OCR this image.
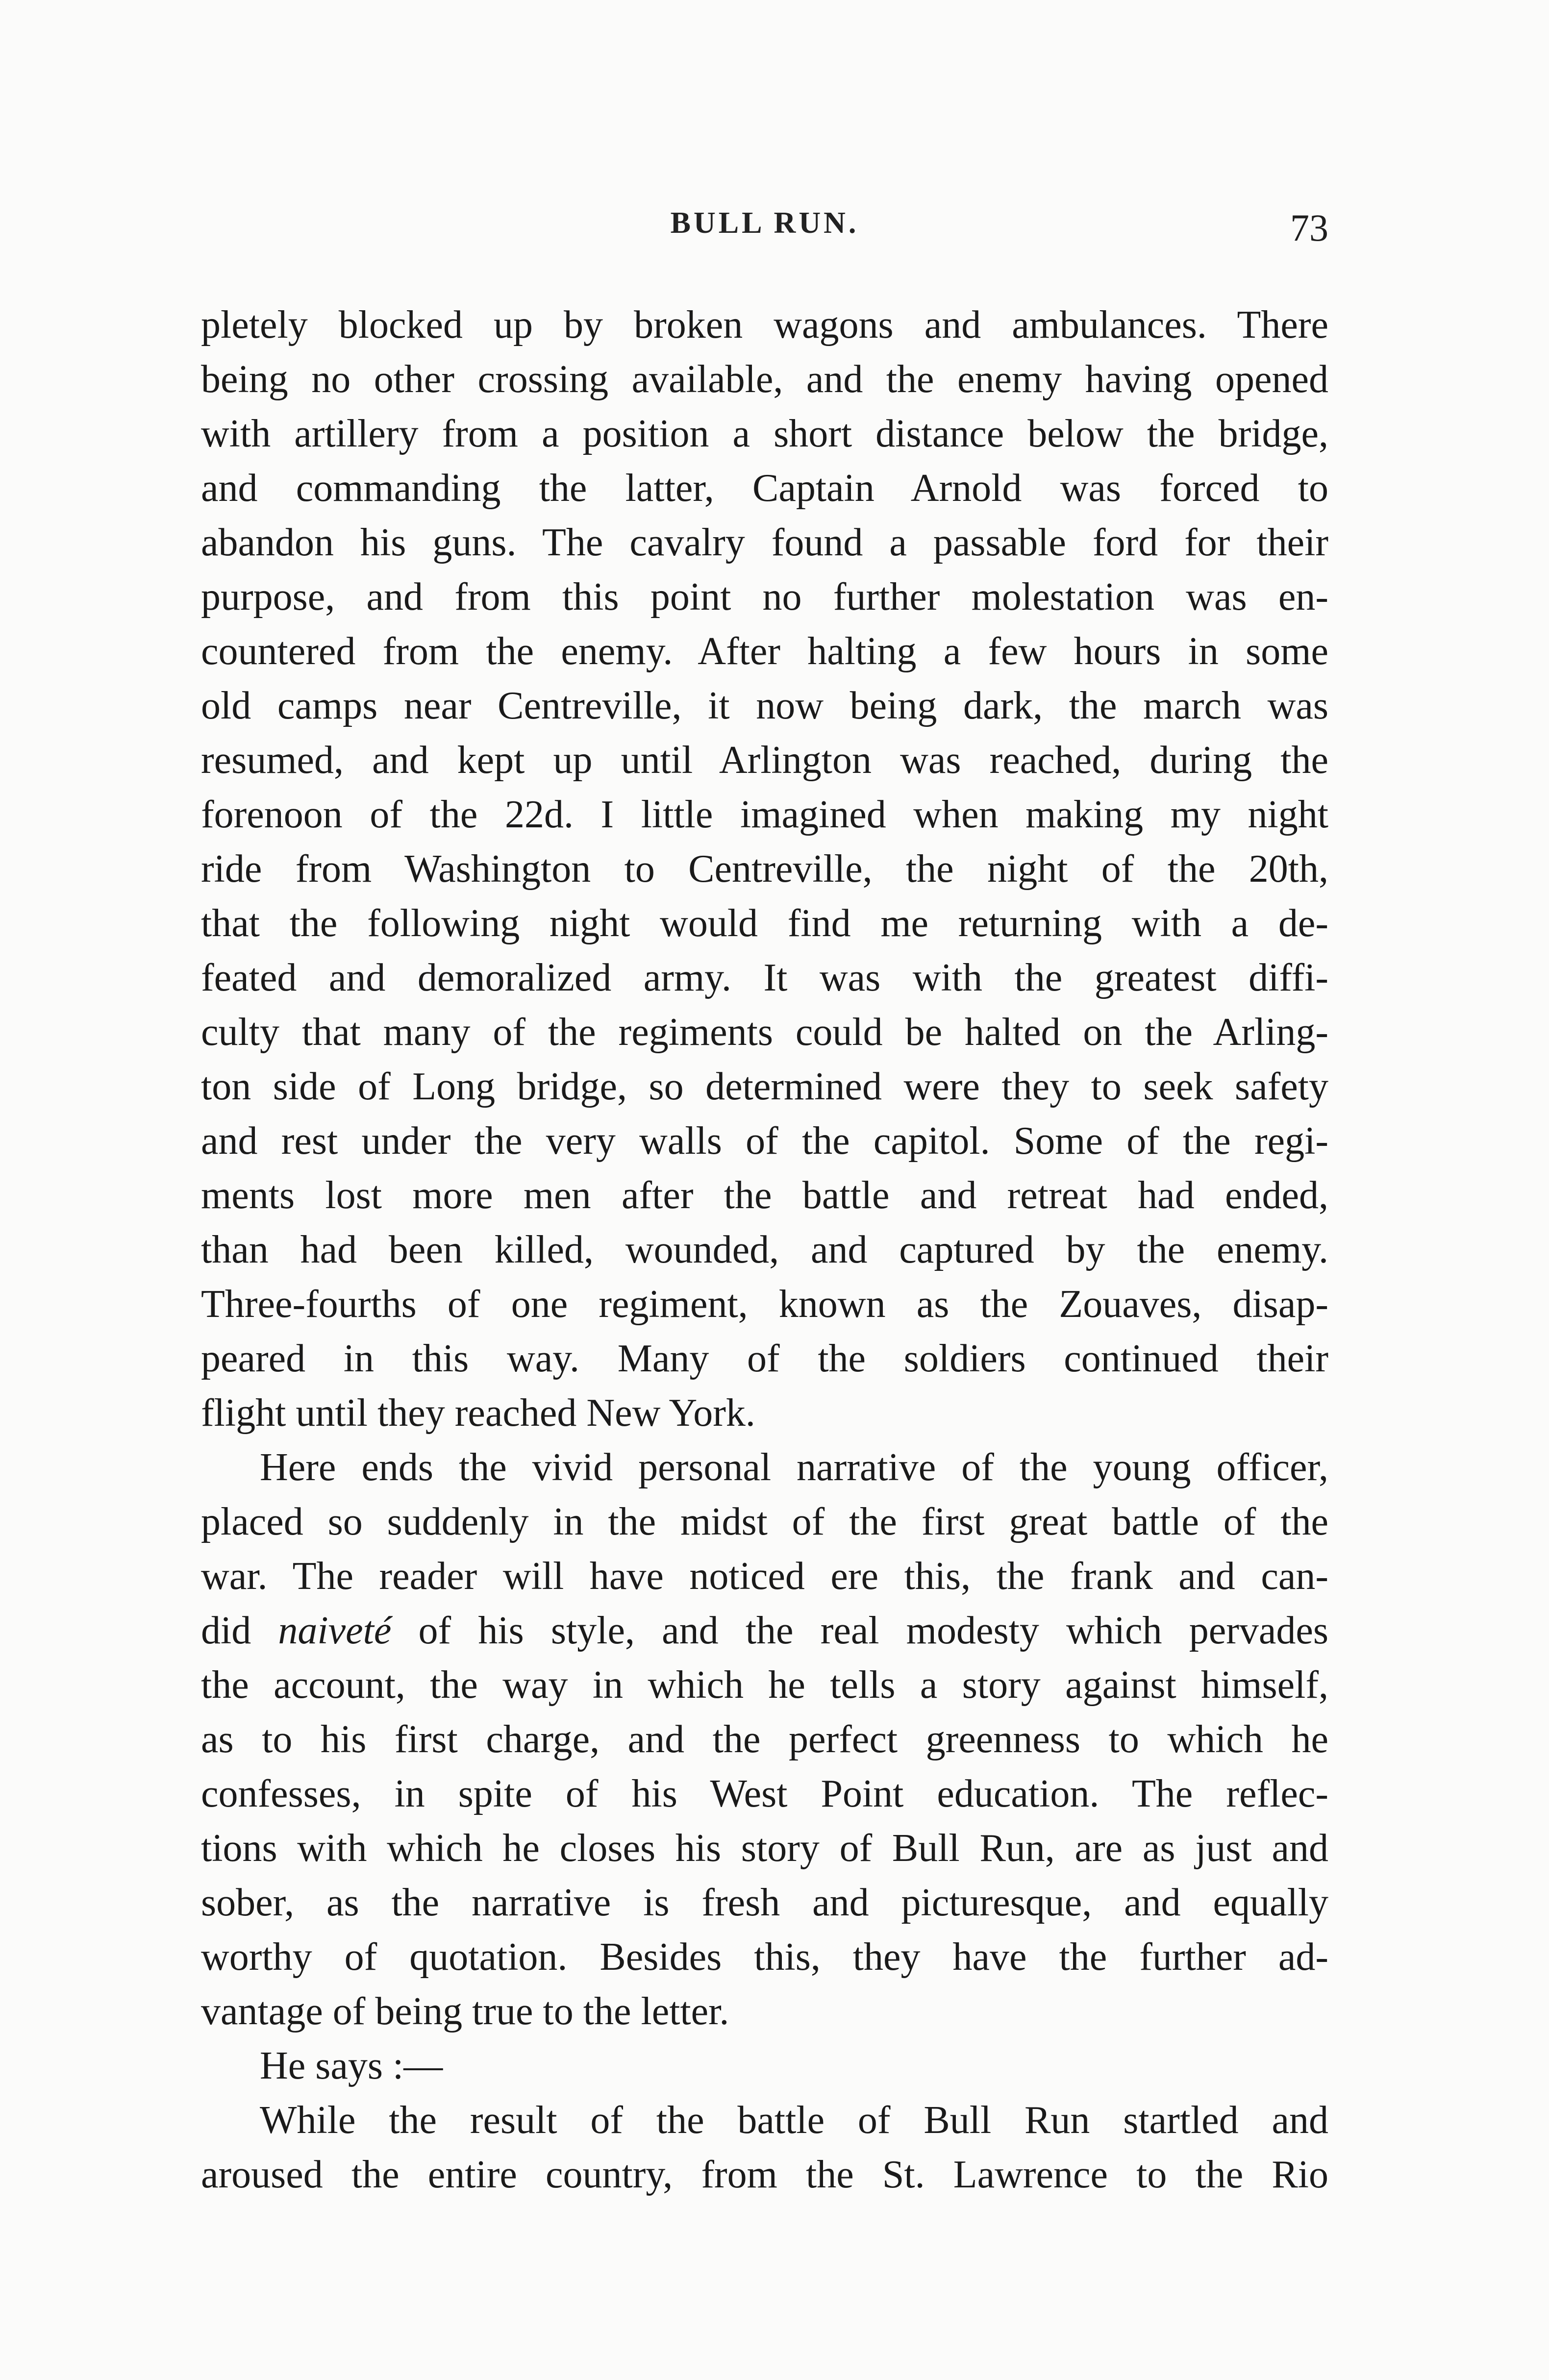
BULL RUN.	73
pletely blocked up by broken wagons and ambulances. There
being no other crossing available, and the enemy having opened
with artillery from a position a short distance below the bridge,
and commanding the latter, Captain Arnold was forced to
abandon his guns. The cavalry found a passable ford for their
purpose, and from this point no further molestation was en-
countered from the enemy. After halting a few hours in some
old camps near Centreville, it now being dark, the march was
resumed, and kept up until Arlington was reached, during the
forenoon of the 22d. I little imagined when making my night
ride from Washington to Centreville, the night of the 20th,
that the following night would find me returning with a de-
feated and demoralized army. It was with the greatest diffi-
culty that many of the regiments could be halted on the Arling-
ton side of Long bridge, so determined were they to seek safety
and rest under the very walls of the capitol. Some of the regi-
ments lost more men after the battle and retreat had ended,
than had been killed, wounded, and captured by the enemy.
Three-fourths of one regiment, known as the Zouaves, disap-
peared in this way. Many of the soldiers continued their
flight until they reached New York.
Here ends the vivid personal narrative of the young officer,
placed so suddenly in the midst of the first great battle of the
war. The reader will have noticed ere this, the frank and can-
did naiveté of his style, and the real modesty which pervades
the account, the way in which he tells a story against himself,
as to his first charge, and the perfect greenness to which he
confesses, in spite of his West Point education. The reflec-
tions with which he closes his story of Bull Run, are as just and
sober, as the narrative is fresh and picturesque, and equally
worthy of quotation. Besides this, they have the further ad-
vantage of being true to the letter.
He says :—
While the result of the battle of Bull Run startled and
aroused the entire country, from the St. Lawrence to the Rio
